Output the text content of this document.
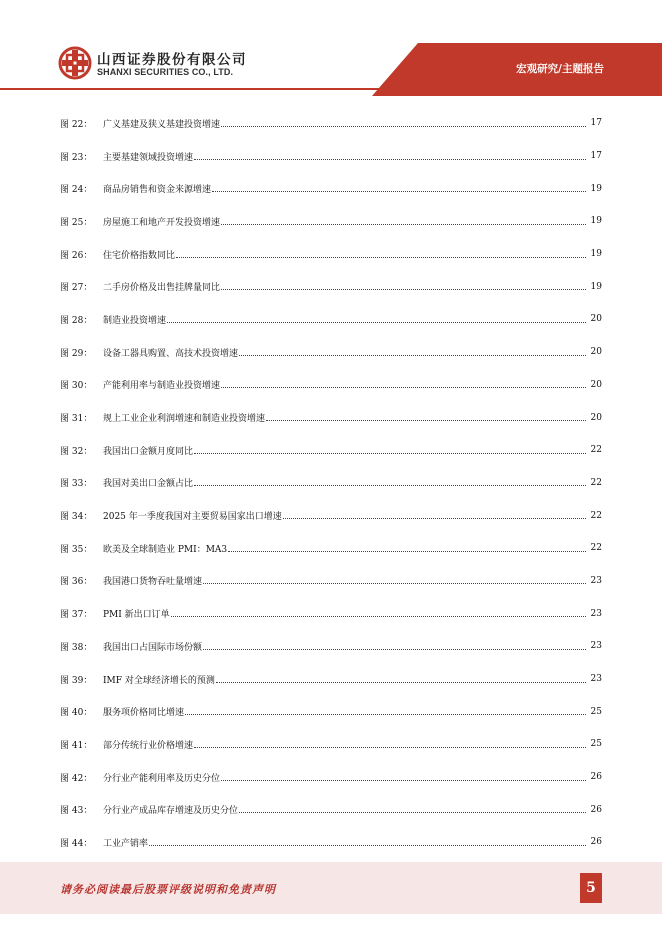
山西证券股份有限公司
SHANXI SECURITIES CO., LTD.	宏观研究/主题报告
图 22：	广义基建及狭义基建投资增速	17
图 23：	主要基建领域投资增速	17
图 24：	商品房销售和资金来源增速	19
图 25：	房屋施工和地产开发投资增速	19
图 26：	住宅价格指数同比	19
图 27：	二手房价格及出售挂牌量同比	19
图 28：	制造业投资增速	20
图 29：	设备工器具购置、高技术投资增速	20
图 30：	产能利用率与制造业投资增速	20
图 31：	规上工业企业利润增速和制造业投资增速	20
图 32：	我国出口金额月度同比	22
图 33：	我国对美出口金额占比	22
图 34：	2025 年一季度我国对主要贸易国家出口增速	22
图 35：	欧美及全球制造业 PMI：MA3	22
图 36：	我国港口货物吞吐量增速	23
图 37：	PMI 新出口订单	23
图 38：	我国出口占国际市场份额	23
图 39：	IMF 对全球经济增长的预测	23
图 40：	服务项价格同比增速	25
图 41：	部分传统行业价格增速	25
图 42：	分行业产能利用率及历史分位	26
图 43：	分行业产成品库存增速及历史分位	26
图 44：	工业产销率	26
请务必阅读最后股票评级说明和免责声明	5
